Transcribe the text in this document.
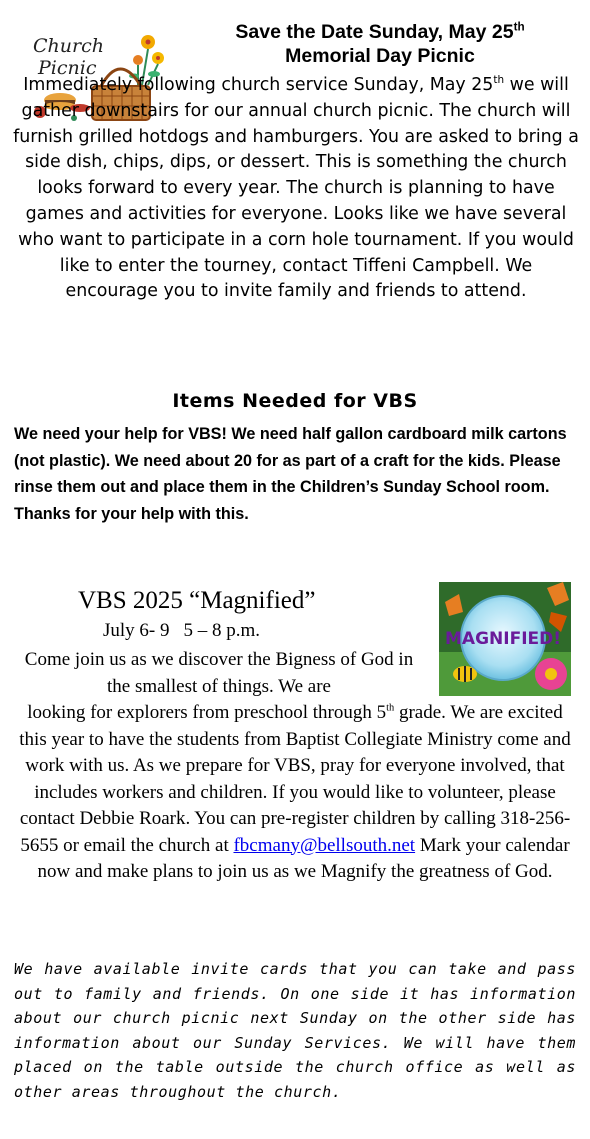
Church
Picnic
Save the Date Sunday, May 25th
Memorial Day Picnic
Immediately following church service Sunday, May 25th we will gather downstairs for our annual church picnic. The church will furnish grilled hotdogs and hamburgers. You are asked to bring a side dish, chips, dips, or dessert. This is something the church looks forward to every year. The church is planning to have games and activities for everyone. Looks like we have several who want to participate in a corn hole tournament. If you would like to enter the tourney, contact Tiffeni Campbell. We encourage you to invite family and friends to attend.
Items Needed for VBS
We need your help for VBS! We need half gallon cardboard milk cartons (not plastic). We need about 20 for as part of a craft for the kids. Please rinse them out and place them in the Children’s Sunday School room. Thanks for your help with this.
VBS 2025 “Magnified”
July 6- 9 5 – 8 p.m.	MAGNIFIED!
Come join us as we discover the Bigness of God in the smallest of things. We are
looking for explorers from preschool through 5th grade. We are excited this year to have the students from Baptist Collegiate Ministry come and work with us. As we prepare for VBS, pray for everyone involved, that includes workers and children. If you would like to volunteer, please contact Debbie Roark. You can pre-register children by calling 318-256-5655 or email the church at fbcmany@bellsouth.net Mark your calendar now and make plans to join us as we Magnify the greatness of God.
We have available invite cards that you can take and pass out to family and friends. On one side it has information about our church picnic next Sunday on the other side has information about our Sunday Services. We will have them placed on the table outside the church office as well as other areas throughout the church.
